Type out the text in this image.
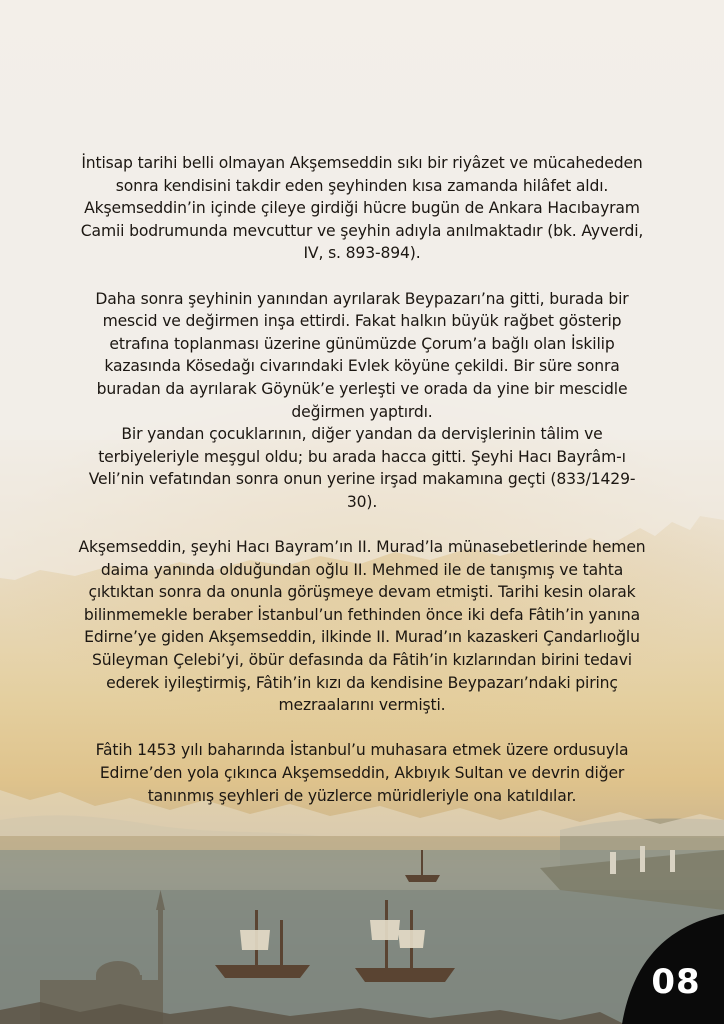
İntisap tarihi belli olmayan Akşemseddin sıkı bir riyâzet ve mücahededen
sonra kendisini takdir eden şeyhinden kısa zamanda hilâfet aldı.
Akşemseddin’in içinde çileye girdiği hücre bugün de Ankara Hacıbayram
Camii bodrumunda mevcuttur ve şeyhin adıyla anılmaktadır (bk. Ayverdi,
IV, s. 893-894).

Daha sonra şeyhinin yanından ayrılarak Beypazarı’na gitti, burada bir
mescid ve değirmen inşa ettirdi. Fakat halkın büyük rağbet gösterip
etrafına toplanması üzerine günümüzde Çorum’a bağlı olan İskilip
kazasında Kösedağı civarındaki Evlek köyüne çekildi. Bir süre sonra
buradan da ayrılarak Göynük’e yerleşti ve orada da yine bir mescidle
değirmen yaptırdı.

Bir yandan çocuklarının, diğer yandan da dervişlerinin tâlim ve
terbiyeleriyle meşgul oldu; bu arada hacca gitti. Şeyhi Hacı Bayrâm-ı
Veli’nin vefatından sonra onun yerine irşad makamına geçti (833/1429-
30).

Akşemseddin, şeyhi Hacı Bayram’ın II. Murad’la münasebetlerinde hemen
daima yanında olduğundan oğlu II. Mehmed ile de tanışmış ve tahta
çıktıktan sonra da onunla görüşmeye devam etmişti. Tarihi kesin olarak
bilinmemekle beraber İstanbul’un fethinden önce iki defa Fâtih’in yanına
Edirne’ye giden Akşemseddin, ilkinde II. Murad’ın kazaskeri Çandarlıoğlu
Süleyman Çelebi’yi, öbür defasında da Fâtih’in kızlarından birini tedavi
ederek iyileştirmiş, Fâtih’in kızı da kendisine Beypazarı’ndaki pirinç
mezraalarını vermişti.

Fâtih 1453 yılı baharında İstanbul’u muhasara etmek üzere ordusuyla
Edirne’den yola çıkınca Akşemseddin, Akbıyık Sultan ve devrin diğer
tanınmış şeyhleri de yüzlerce müridleriyle ona katıldılar.

08
